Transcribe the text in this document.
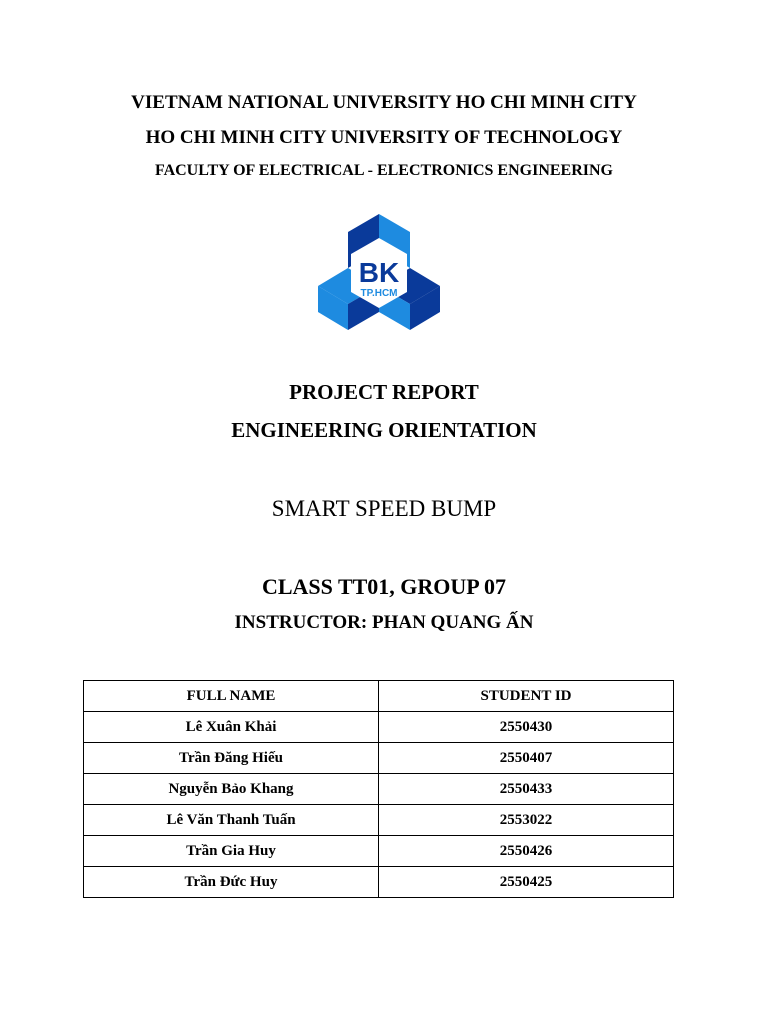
VIETNAM NATIONAL UNIVERSITY HO CHI MINH CITY
HO CHI MINH CITY UNIVERSITY OF TECHNOLOGY
FACULTY OF ELECTRICAL - ELECTRONICS ENGINEERING
BK
TP.HCM
PROJECT REPORT
ENGINEERING ORIENTATION
SMART SPEED BUMP
CLASS TT01, GROUP 07
INSTRUCTOR: PHAN QUANG ẤN
FULL NAME	STUDENT ID
Lê Xuân Khải	2550430
Trần Đăng Hiếu	2550407
Nguyễn Bảo Khang	2550433
Lê Văn Thanh Tuấn	2553022
Trần Gia Huy	2550426
Trần Đức Huy	2550425
